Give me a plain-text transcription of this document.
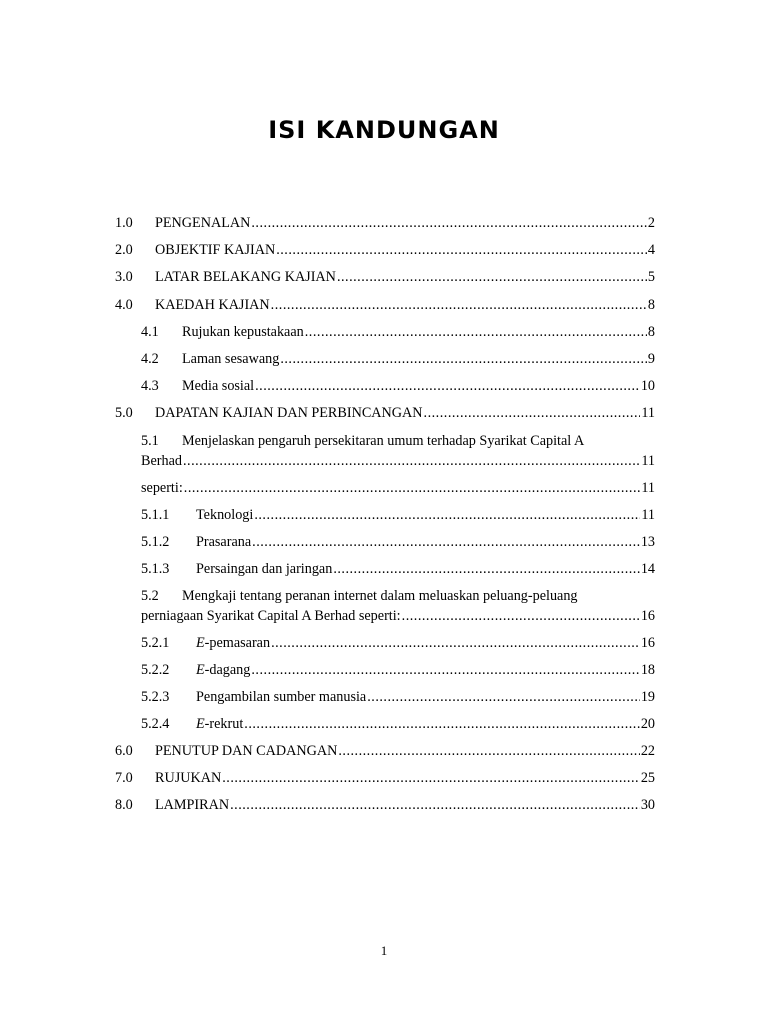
ISI KANDUNGAN
1.0	PENGENALAN .....	2
2.0	OBJEKTIF KAJIAN .....	4
3.0	LATAR BELAKANG KAJIAN .....	5
4.0	KAEDAH KAJIAN .....	8
4.1	Rujukan kepustakaan .....	8
4.2	Laman sesawang .....	9
4.3	Media sosial .....	10
5.0	DAPATAN KAJIAN DAN PERBINCANGAN .....	11
5.1	Menjelaskan pengaruh persekitaran umum terhadap Syarikat Capital A
Berhad .....	11
seperti: .....	11
5.1.1	Teknologi .....	11
5.1.2	Prasarana .....	13
5.1.3	Persaingan dan jaringan .....	14
5.2	Mengkaji tentang peranan internet dalam meluaskan peluang-peluang
perniagaan Syarikat Capital A Berhad seperti: .....	16
5.2.1	E-pemasaran .....	16
5.2.2	E-dagang .....	18
5.2.3	Pengambilan sumber manusia .....	19
5.2.4	E-rekrut .....	20
6.0	PENUTUP DAN CADANGAN .....	22
7.0	RUJUKAN .....	25
8.0	LAMPIRAN .....	30
1
